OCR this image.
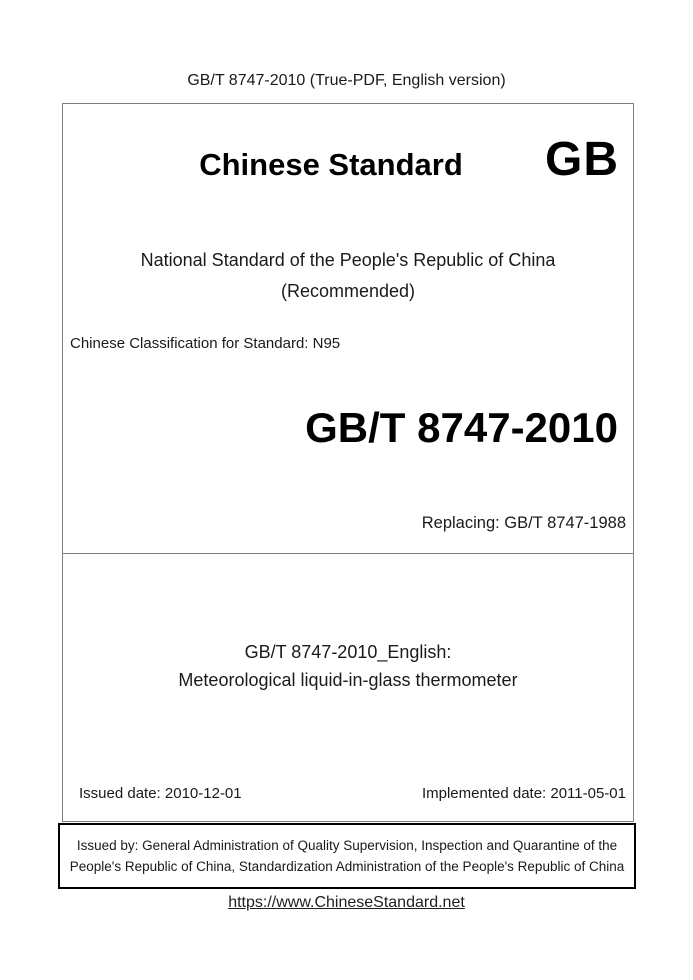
GB/T 8747-2010 (True-PDF, English version)
Chinese Standard	GB
National Standard of the People's Republic of China
(Recommended)
Chinese Classification for Standard: N95
GB/T 8747-2010
Replacing: GB/T 8747-1988
GB/T 8747-2010_English:
Meteorological liquid-in-glass thermometer
Issued date: 2010-12-01	Implemented date: 2011-05-01
Issued by: General Administration of Quality Supervision, Inspection and Quarantine of the People's Republic of China, Standardization Administration of the People's Republic of China
https://www.ChineseStandard.net
